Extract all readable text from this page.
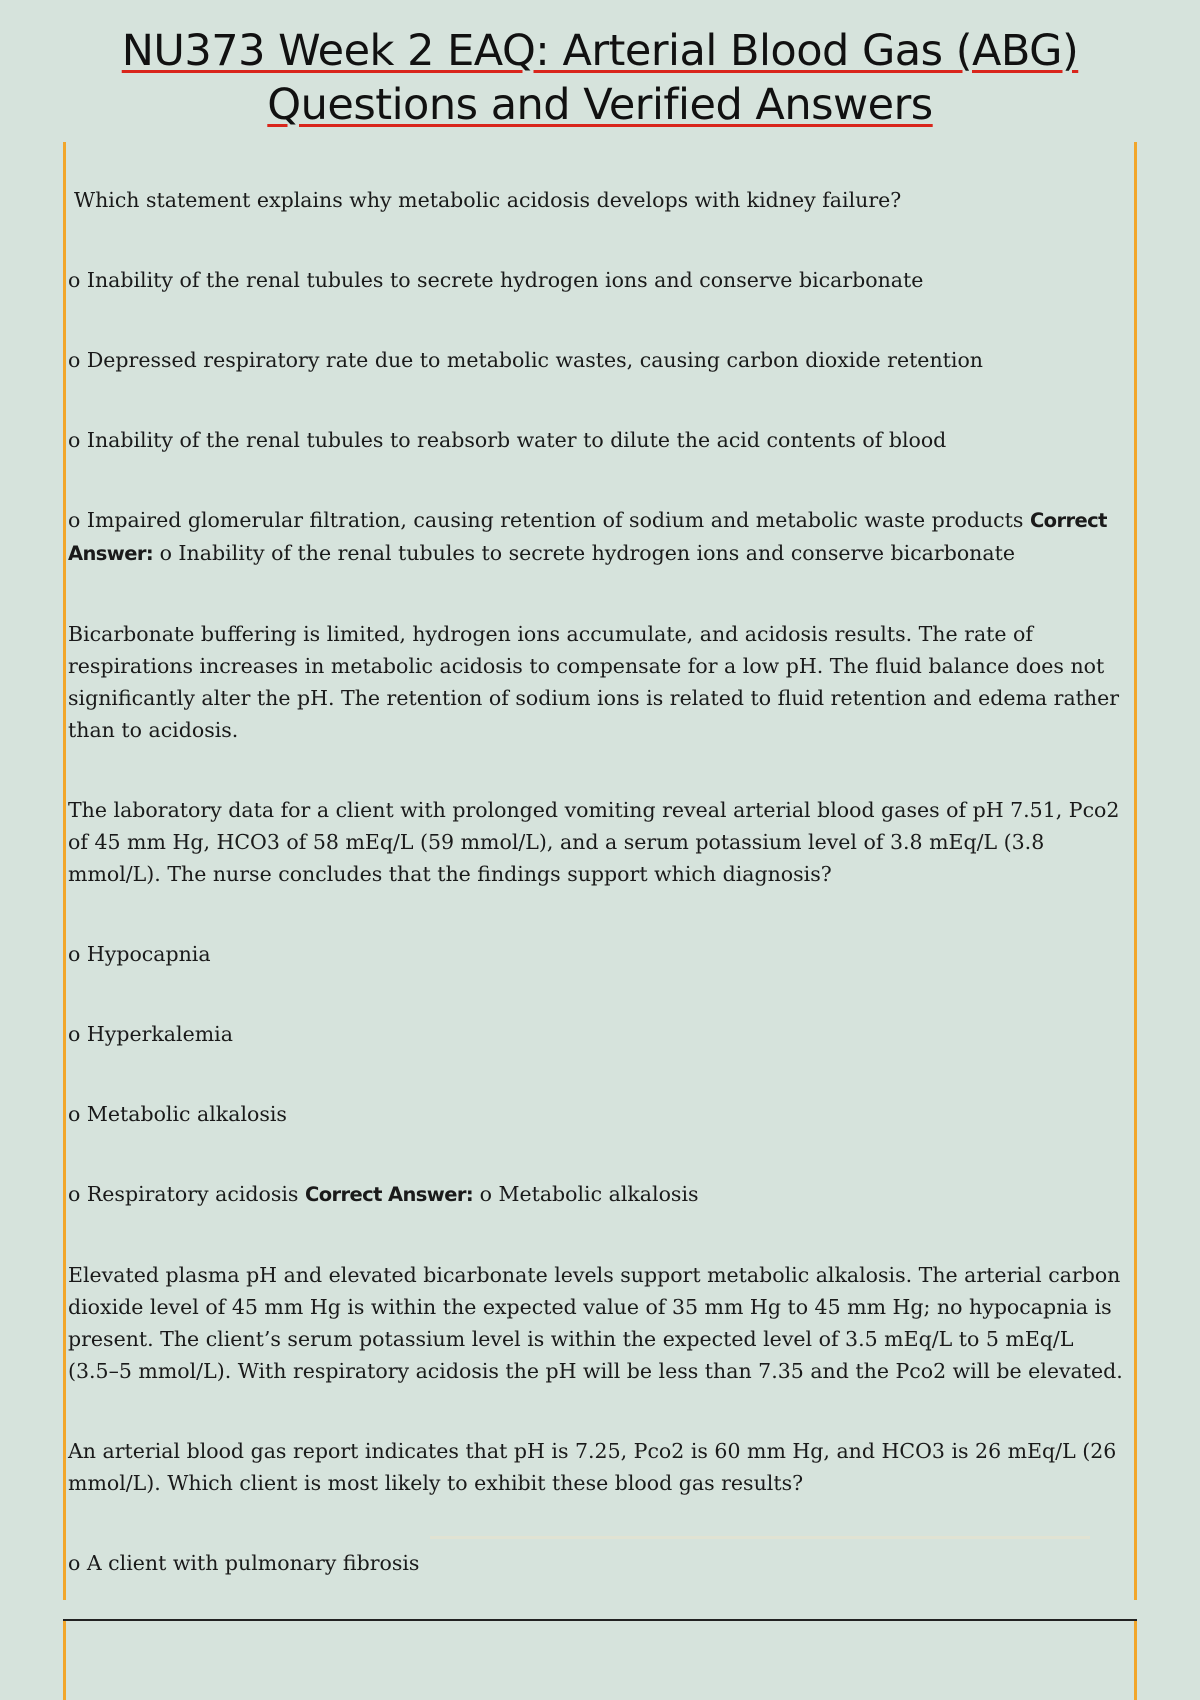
NU373 Week 2 EAQ: Arterial Blood Gas (ABG)
Questions and Verified Answers

Which statement explains why metabolic acidosis develops with kidney failure?

o Inability of the renal tubules to secrete hydrogen ions and conserve bicarbonate

o Depressed respiratory rate due to metabolic wastes, causing carbon dioxide retention

o Inability of the renal tubules to reabsorb water to dilute the acid contents of blood

o Impaired glomerular filtration, causing retention of sodium and metabolic waste products Correct Answer: o Inability of the renal tubules to secrete hydrogen ions and conserve bicarbonate

Bicarbonate buffering is limited, hydrogen ions accumulate, and acidosis results. The rate of respirations increases in metabolic acidosis to compensate for a low pH. The fluid balance does not significantly alter the pH. The retention of sodium ions is related to fluid retention and edema rather than to acidosis.

The laboratory data for a client with prolonged vomiting reveal arterial blood gases of pH 7.51, Pco2 of 45 mm Hg, HCO3 of 58 mEq/L (59 mmol/L), and a serum potassium level of 3.8 mEq/L (3.8 mmol/L). The nurse concludes that the findings support which diagnosis?

o Hypocapnia

o Hyperkalemia

o Metabolic alkalosis

o Respiratory acidosis Correct Answer: o Metabolic alkalosis

Elevated plasma pH and elevated bicarbonate levels support metabolic alkalosis. The arterial carbon dioxide level of 45 mm Hg is within the expected value of 35 mm Hg to 45 mm Hg; no hypocapnia is present. The client’s serum potassium level is within the expected level of 3.5 mEq/L to 5 mEq/L (3.5–5 mmol/L). With respiratory acidosis the pH will be less than 7.35 and the Pco2 will be elevated.

An arterial blood gas report indicates that pH is 7.25, Pco2 is 60 mm Hg, and HCO3 is 26 mEq/L (26 mmol/L). Which client is most likely to exhibit these blood gas results?

o A client with pulmonary fibrosis
